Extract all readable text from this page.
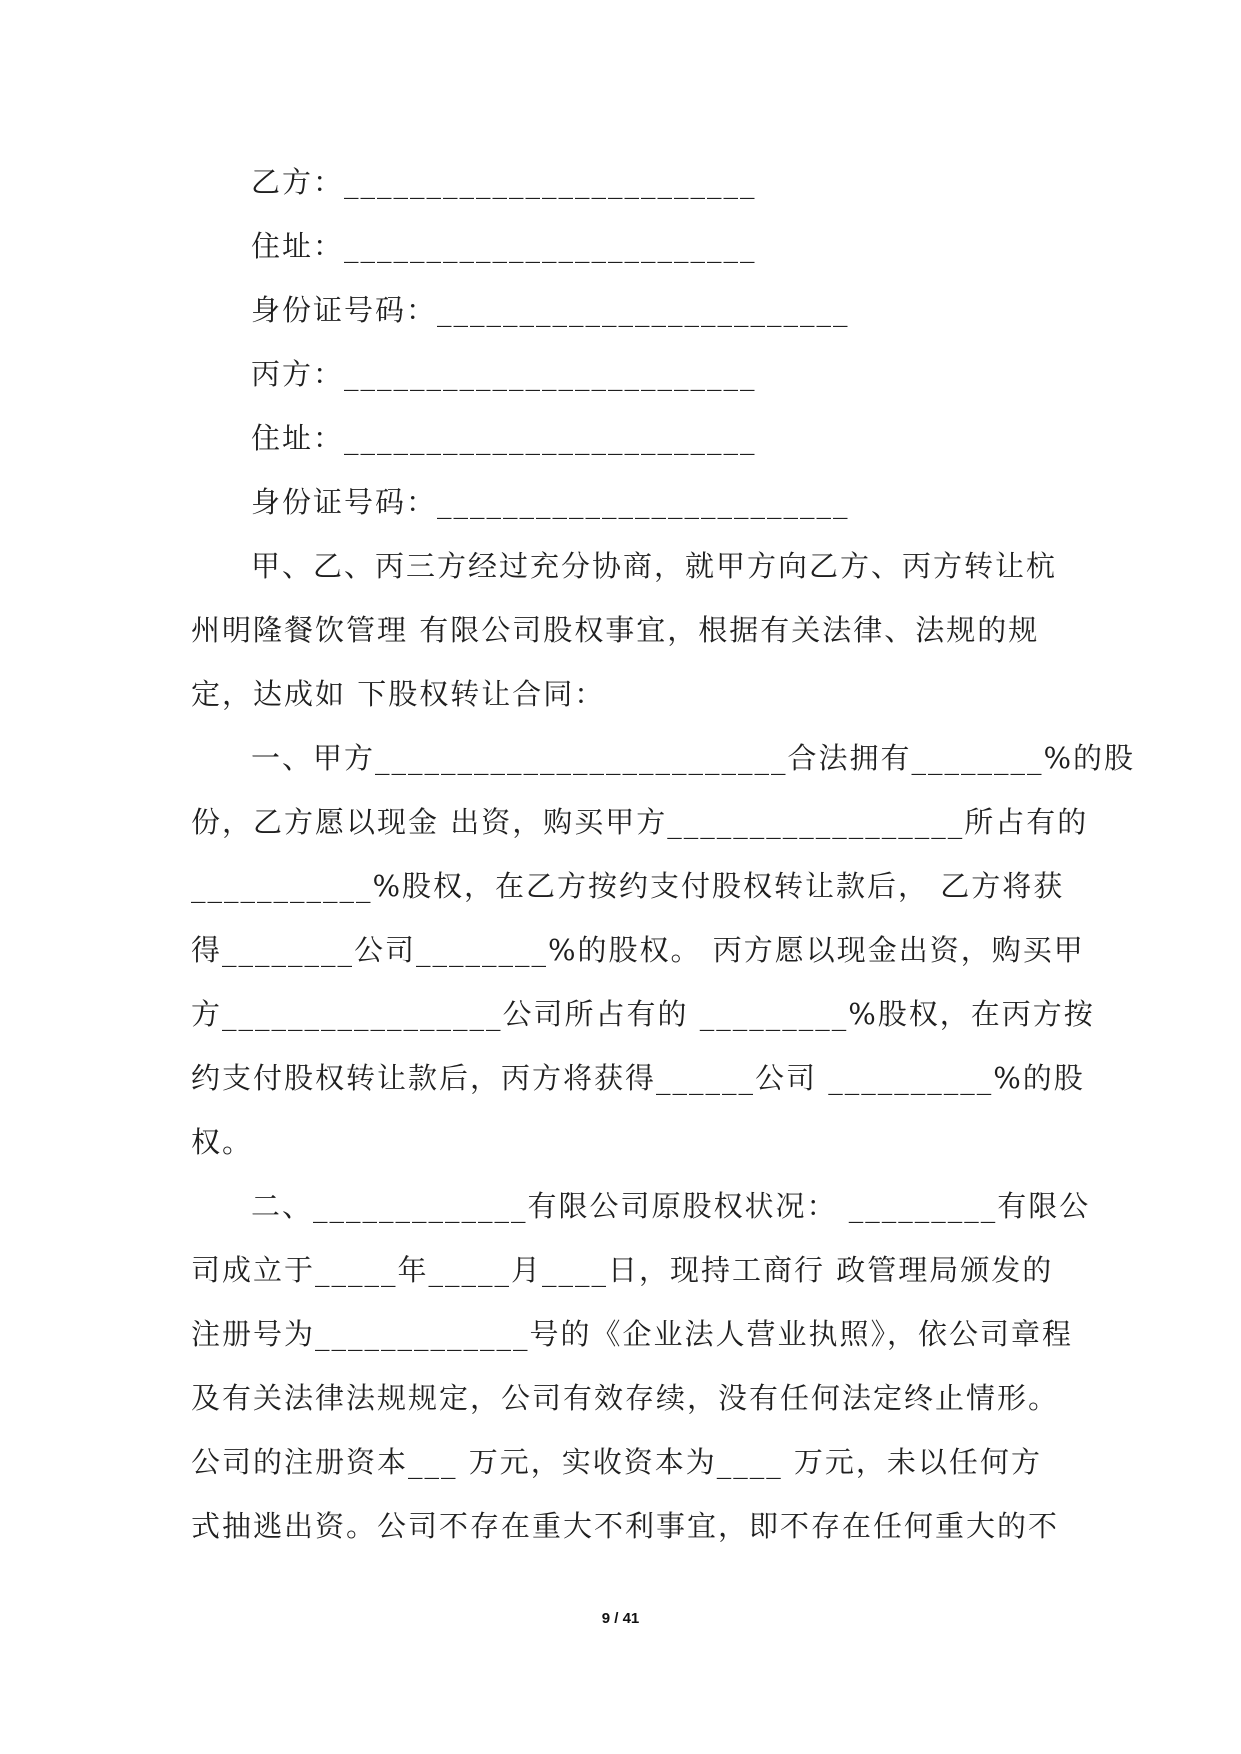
乙方：_________________________
住址：_________________________
身份证号码：_________________________
丙方：_________________________
住址：_________________________
身份证号码：_________________________
甲、乙、丙三方经过充分协商，就甲方向乙方、丙方转让杭
州明隆餐饮管理 有限公司股权事宜，根据有关法律、法规的规
定，达成如 下股权转让合同：
一、甲方_________________________合法拥有________%的股
份，乙方愿以现金 出资，购买甲方__________________所占有的
___________%股权，在乙方按约支付股权转让款后， 乙方将获
得________公司________%的股权。 丙方愿以现金出资，购买甲
方_________________公司所占有的 _________%股权，在丙方按
约支付股权转让款后，丙方将获得______公司 __________%的股
权。
二、_____________有限公司原股权状况： _________有限公
司成立于_____年_____月____日，现持工商行 政管理局颁发的
注册号为_____________号的《企业法人营业执照》，依公司章程
及有关法律法规规定，公司有效存续，没有任何法定终止情形。
公司的注册资本___ 万元，实收资本为____ 万元，未以任何方
式抽逃出资。公司不存在重大不利事宜，即不存在任何重大的不
9 / 41
